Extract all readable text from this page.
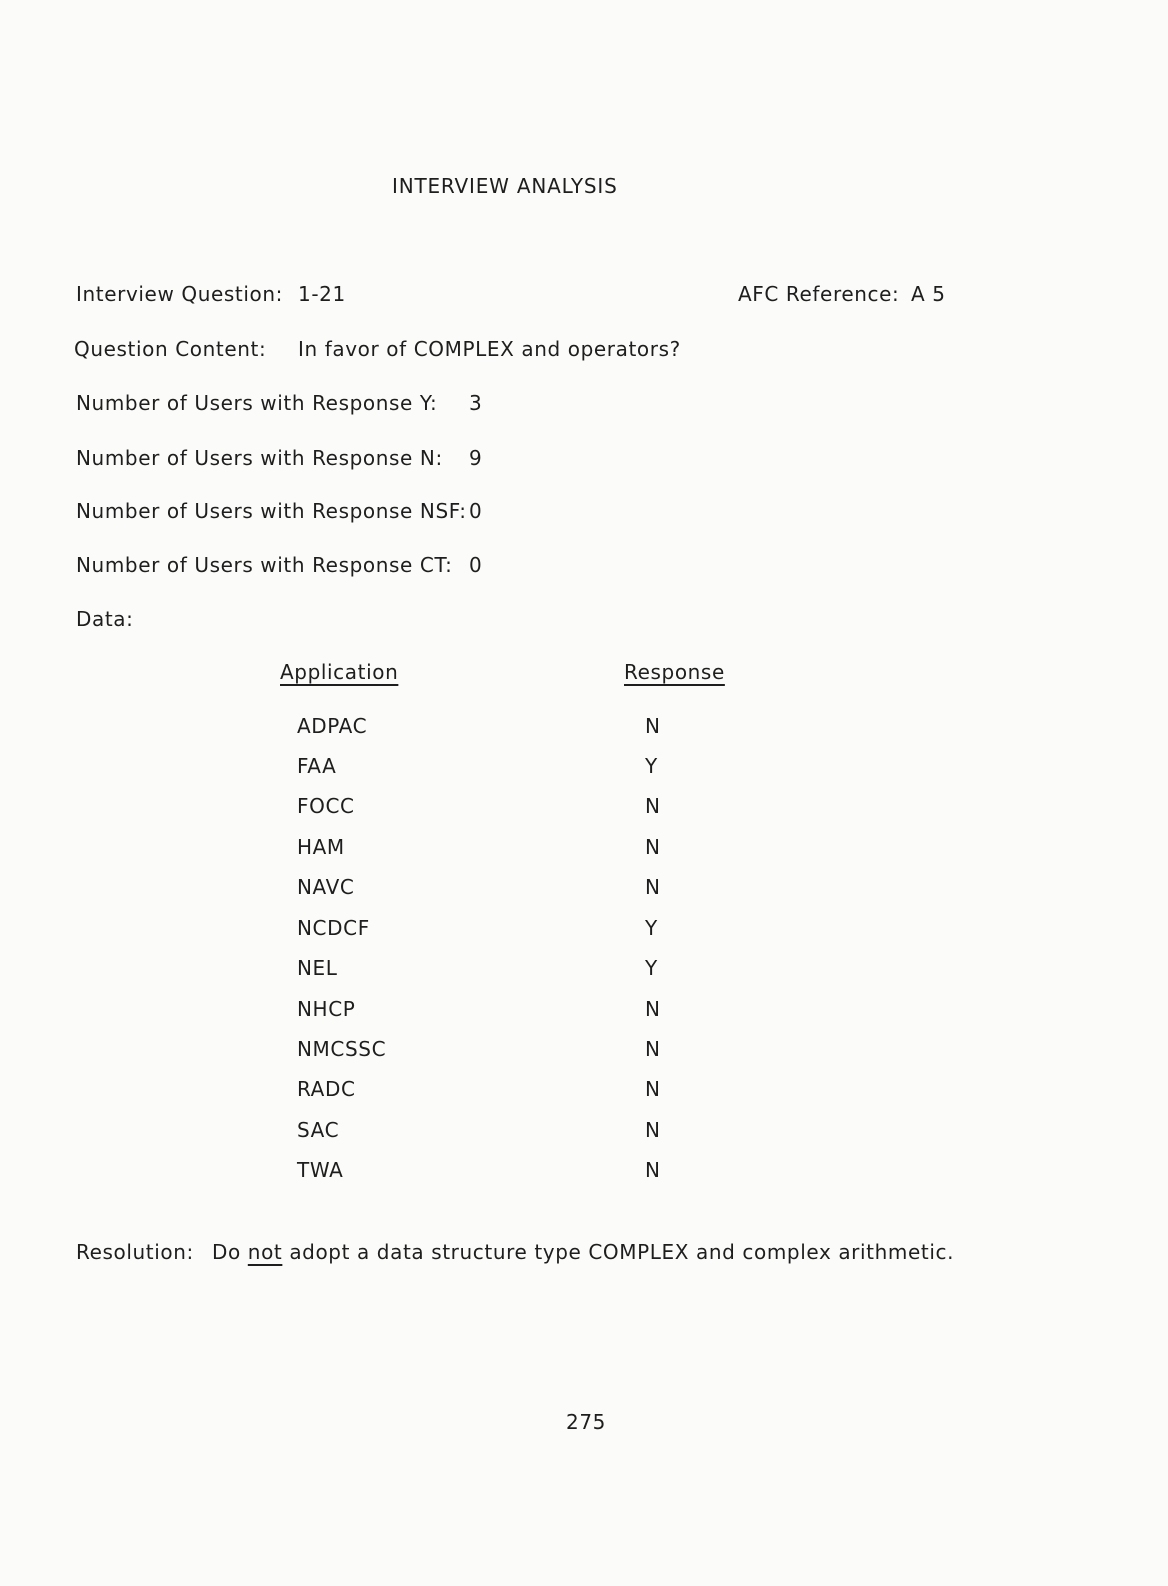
INTERVIEW ANALYSIS
Interview Question: 1-21	AFC Reference: A 5
Question Content: In favor of COMPLEX and operators?
Number of Users with Response Y: 3
Number of Users with Response N: 9
Number of Users with Response NSF: 0
Number of Users with Response CT: 0
Data:
Application	Response
ADPAC	N
FAA	Y
FOCC	N
HAM	N
NAVC	N
NCDCF	Y
NEL	Y
NHCP	N
NMCSSC	N
RADC	N
SAC	N
TWA	N
Resolution: Do not adopt a data structure type COMPLEX and complex arithmetic.
275
